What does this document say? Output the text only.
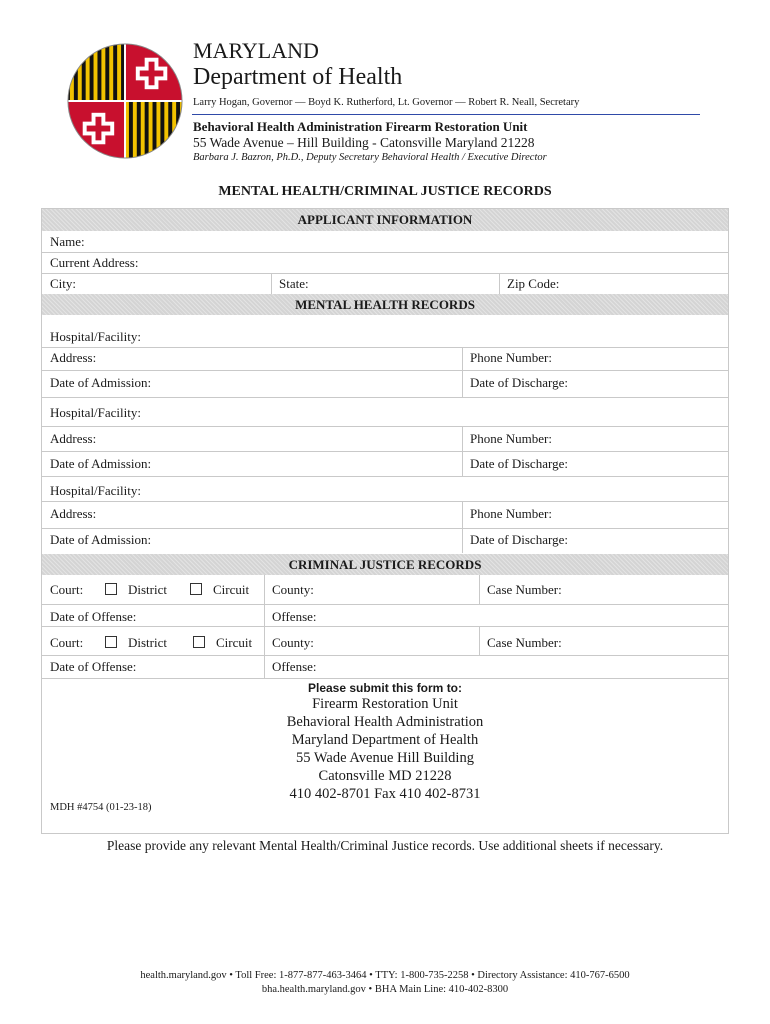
MARYLAND
Department of Health
Larry Hogan, Governor — Boyd K. Rutherford, Lt. Governor — Robert R. Neall, Secretary
Behavioral Health Administration Firearm Restoration Unit
55 Wade Avenue – Hill Building - Catonsville Maryland 21228
Barbara J. Bazron, Ph.D., Deputy Secretary Behavioral Health / Executive Director
MENTAL HEALTH/CRIMINAL JUSTICE RECORDS
APPLICANT INFORMATION
Name:
Current Address:
City:	State:	Zip Code:
MENTAL HEALTH RECORDS
Hospital/Facility:
Address:	Phone Number:
Date of Admission:	Date of Discharge:
Hospital/Facility:
Address:	Phone Number:
Date of Admission:	Date of Discharge:
Hospital/Facility:
Address:	Phone Number:
Date of Admission:	Date of Discharge:
CRIMINAL JUSTICE RECORDS
Court:	District	Circuit County:	Case Number:
Date of Offense:	Offense:
Court:	District	Circuit County:	Case Number:
Date of Offense:	Offense:
Please submit this form to:
Firearm Restoration Unit
Behavioral Health Administration
Maryland Department of Health
55 Wade Avenue Hill Building
Catonsville MD 21228
410 402-8701 Fax 410 402-8731
MDH #4754 (01-23-18)
Please provide any relevant Mental Health/Criminal Justice records. Use additional sheets if necessary.
health.maryland.gov • Toll Free: 1-877-877-463-3464 • TTY: 1-800-735-2258 • Directory Assistance: 410-767-6500
bha.health.maryland.gov • BHA Main Line: 410-402-8300
